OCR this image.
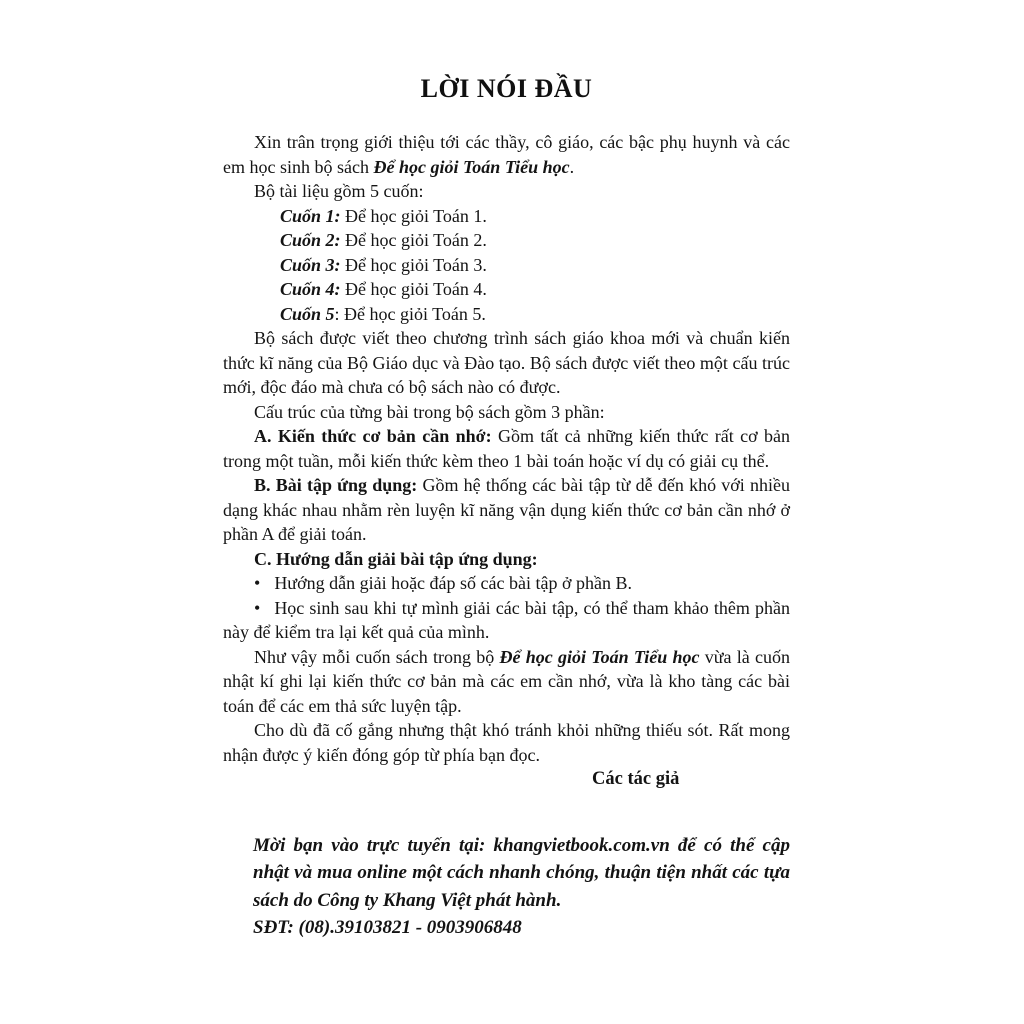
LỜI NÓI ĐẦU

Xin trân trọng giới thiệu tới các thầy, cô giáo, các bậc phụ huynh và các em học sinh bộ sách Để học giỏi Toán Tiểu học.

Bộ tài liệu gồm 5 cuốn:

Cuốn 1: Để học giỏi Toán 1.

Cuốn 2: Để học giỏi Toán 2.

Cuốn 3: Để học giỏi Toán 3.

Cuốn 4: Để học giỏi Toán 4.

Cuốn 5: Để học giỏi Toán 5.

Bộ sách được viết theo chương trình sách giáo khoa mới và chuẩn kiến thức kĩ năng của Bộ Giáo dục và Đào tạo. Bộ sách được viết theo một cấu trúc mới, độc đáo mà chưa có bộ sách nào có được.

Cấu trúc của từng bài trong bộ sách gồm 3 phần:

A. Kiến thức cơ bản cần nhớ: Gồm tất cả những kiến thức rất cơ bản trong một tuần, mỗi kiến thức kèm theo 1 bài toán hoặc ví dụ có giải cụ thể.

B. Bài tập ứng dụng: Gồm hệ thống các bài tập từ dễ đến khó với nhiều dạng khác nhau nhằm rèn luyện kĩ năng vận dụng kiến thức cơ bản cần nhớ ở phần A để giải toán.

C. Hướng dẫn giải bài tập ứng dụng:

• Hướng dẫn giải hoặc đáp số các bài tập ở phần B.

• Học sinh sau khi tự mình giải các bài tập, có thể tham khảo thêm phần này để kiểm tra lại kết quả của mình.

Như vậy mỗi cuốn sách trong bộ Để học giỏi Toán Tiểu học vừa là cuốn nhật kí ghi lại kiến thức cơ bản mà các em cần nhớ, vừa là kho tàng các bài toán để các em thả sức luyện tập.

Cho dù đã cố gắng nhưng thật khó tránh khỏi những thiếu sót. Rất mong nhận được ý kiến đóng góp từ phía bạn đọc.

Các tác giả

Mời bạn vào trực tuyến tại: khangvietbook.com.vn để có thể cập nhật và mua online một cách nhanh chóng, thuận tiện nhất các tựa sách do Công ty Khang Việt phát hành.

SĐT: (08).39103821 - 0903906848
